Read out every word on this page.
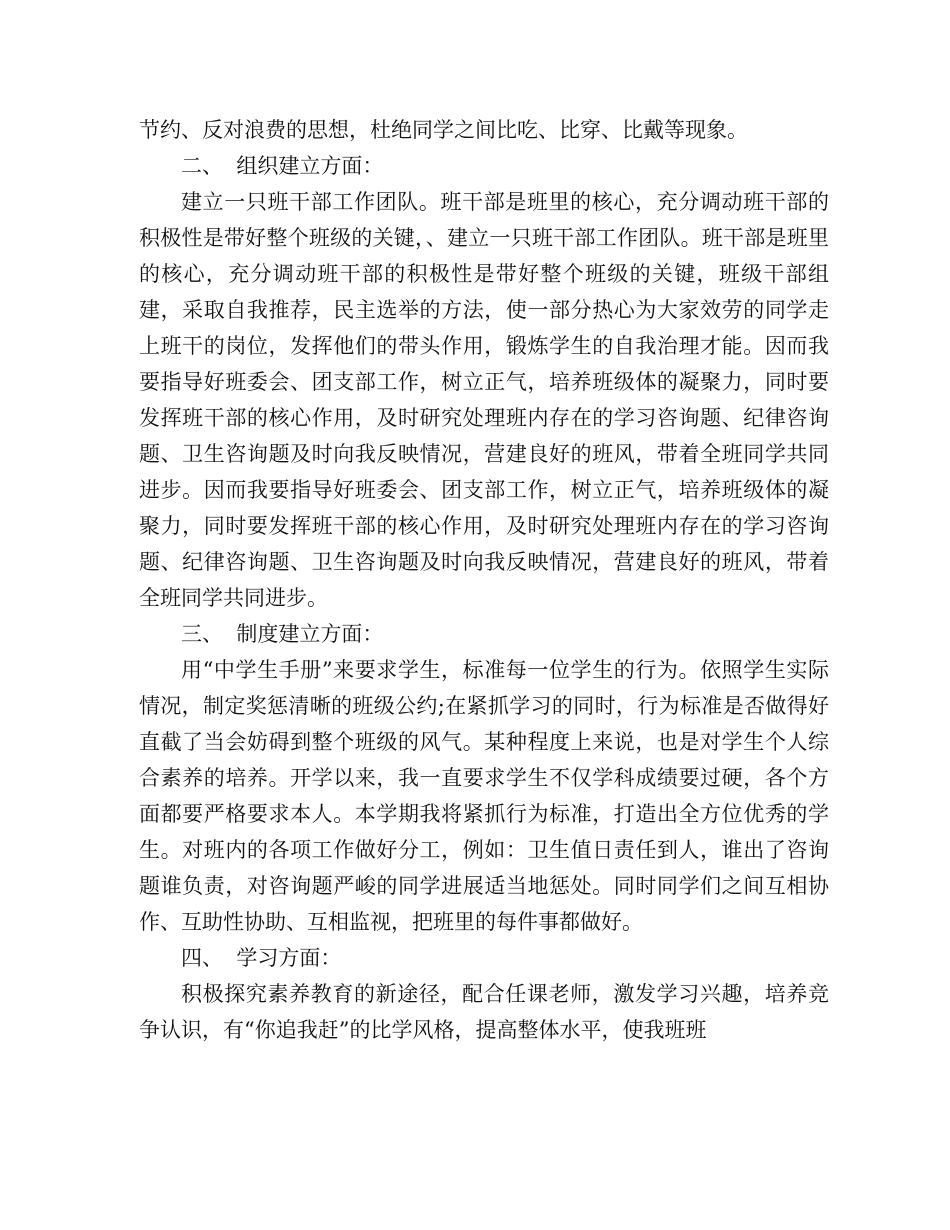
节约、反对浪费的思想，杜绝同学之间比吃、比穿、比戴等现象。

二、  组织建立方面：

建立一只班干部工作团队。班干部是班里的核心，充分调动班干部的积极性是带好整个班级的关键，、建立一只班干部工作团队。班干部是班里的核心，充分调动班干部的积极性是带好整个班级的关键，班级干部组建，采取自我推荐，民主选举的方法，使一部分热心为大家效劳的同学走上班干的岗位，发挥他们的带头作用，锻炼学生的自我治理才能。因而我要指导好班委会、团支部工作，树立正气，培养班级体的凝聚力，同时要发挥班干部的核心作用，及时研究处理班内存在的学习咨询题、纪律咨询题、卫生咨询题及时向我反映情况，营建良好的班风，带着全班同学共同进步。因而我要指导好班委会、团支部工作，树立正气，培养班级体的凝聚力，同时要发挥班干部的核心作用，及时研究处理班内存在的学习咨询题、纪律咨询题、卫生咨询题及时向我反映情况，营建良好的班风，带着全班同学共同进步。

三、  制度建立方面：

用“中学生手册”来要求学生，标准每一位学生的行为。依照学生实际情况，制定奖惩清晰的班级公约;在紧抓学习的同时，行为标准是否做得好直截了当会妨碍到整个班级的风气。某种程度上来说，也是对学生个人综合素养的培养。开学以来，我一直要求学生不仅学科成绩要过硬，各个方面都要严格要求本人。本学期我将紧抓行为标准，打造出全方位优秀的学生。对班内的各项工作做好分工，例如：卫生值日责任到人，谁出了咨询题谁负责，对咨询题严峻的同学进展适当地惩处。同时同学们之间互相协作、互助性协助、互相监视，把班里的每件事都做好。

四、  学习方面：

积极探究素养教育的新途径，配合任课老师，激发学习兴趣，培养竞争认识，有“你追我赶”的比学风格，提高整体水平，使我班班
